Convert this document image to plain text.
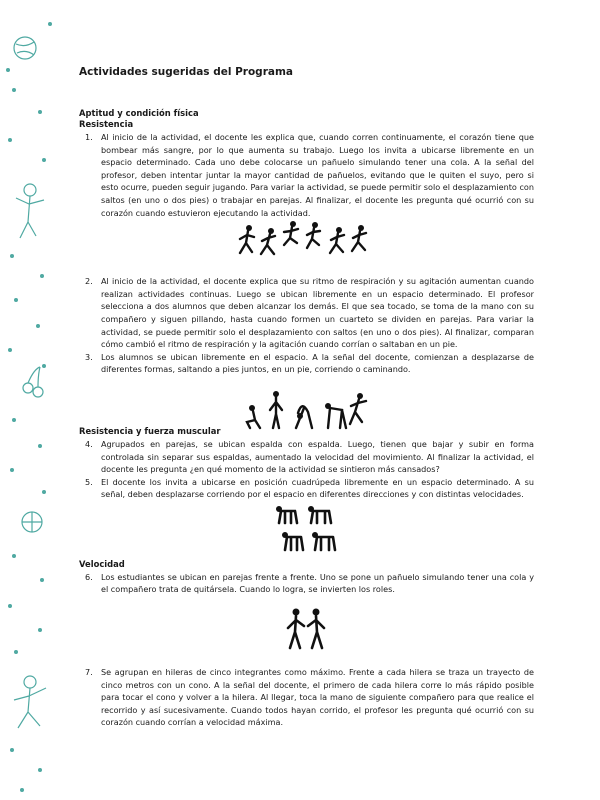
Actividades sugeridas del Programa
Aptitud y condición física
Resistencia
1.	Al inicio de la actividad, el docente les explica que, cuando corren continuamente, el corazón tiene que bombear más sangre, por lo que aumenta su trabajo. Luego los invita a ubicarse libremente en un espacio determinado. Cada uno debe colocarse un pañuelo simulando tener una cola. A la señal del profesor, deben intentar juntar la mayor cantidad de pañuelos, evitando que le quiten el suyo, pero si esto ocurre, pueden seguir jugando. Para variar la actividad, se puede permitir solo el desplazamiento con saltos (en uno o dos pies) o trabajar en parejas. Al finalizar, el docente les pregunta qué ocurrió con su corazón cuando estuvieron ejecutando la actividad.
2.	Al inicio de la actividad, el docente explica que su ritmo de respiración y su agitación aumentan cuando realizan actividades continuas. Luego se ubican libremente en un espacio determinado. El profesor selecciona a dos alumnos que deben alcanzar los demás. El que sea tocado, se toma de la mano con su compañero y siguen pillando, hasta cuando formen un cuarteto se dividen en parejas. Para variar la actividad, se puede permitir solo el desplazamiento con saltos (en uno o dos pies). Al finalizar, comparan cómo cambió el ritmo de respiración y la agitación cuando corrían o saltaban en un pie.
3.	Los alumnos se ubican libremente en el espacio. A la señal del docente, comienzan a desplazarse de diferentes formas, saltando a pies juntos, en un pie, corriendo o caminando.
Resistencia y fuerza muscular
4.	Agrupados en parejas, se ubican espalda con espalda. Luego, tienen que bajar y subir en forma controlada sin separar sus espaldas, aumentado la velocidad del movimiento. Al finalizar la actividad, el docente les pregunta ¿en qué momento de la actividad se sintieron más cansados?
5.	El docente los invita a ubicarse en posición cuadrúpeda libremente en un espacio determinado. A su señal, deben desplazarse corriendo por el espacio en diferentes direcciones y con distintas velocidades.
Velocidad
6.	Los estudiantes se ubican en parejas frente a frente. Uno se pone un pañuelo simulando tener una cola y el compañero trata de quitársela. Cuando lo logra, se invierten los roles.
7.	Se agrupan en hileras de cinco integrantes como máximo. Frente a cada hilera se traza un trayecto de cinco metros con un cono. A la señal del docente, el primero de cada hilera corre lo más rápido posible para tocar el cono y volver a la hilera. Al llegar, toca la mano de siguiente compañero para que realice el recorrido y así sucesivamente. Cuando todos hayan corrido, el profesor les pregunta qué ocurrió con su corazón cuando corrían a velocidad máxima.
